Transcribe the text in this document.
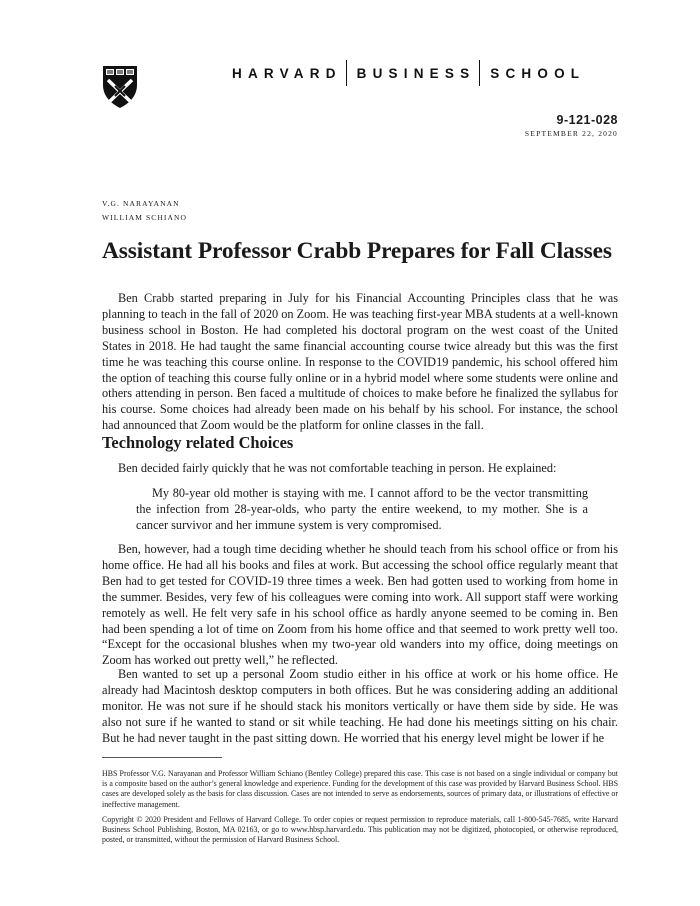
HARVARD BUSINESS SCHOOL
9-121-028
SEPTEMBER 22, 2020
V.G. NARAYANAN
WILLIAM SCHIANO
Assistant Professor Crabb Prepares for Fall Classes

Ben Crabb started preparing in July for his Financial Accounting Principles class that he was planning to teach in the fall of 2020 on Zoom. He was teaching first-year MBA students at a well-known business school in Boston. He had completed his doctoral program on the west coast of the United States in 2018. He had taught the same financial accounting course twice already but this was the first time he was teaching this course online. In response to the COVID19 pandemic, his school offered him the option of teaching this course fully online or in a hybrid model where some students were online and others attending in person. Ben faced a multitude of choices to make before he finalized the syllabus for his course. Some choices had already been made on his behalf by his school. For instance, the school had announced that Zoom would be the platform for online classes in the fall.

Technology related Choices

Ben decided fairly quickly that he was not comfortable teaching in person. He explained:

My 80-year old mother is staying with me. I cannot afford to be the vector transmitting the infection from 28-year-olds, who party the entire weekend, to my mother. She is a cancer survivor and her immune system is very compromised.

Ben, however, had a tough time deciding whether he should teach from his school office or from his home office. He had all his books and files at work. But accessing the school office regularly meant that Ben had to get tested for COVID-19 three times a week. Ben had gotten used to working from home in the summer. Besides, very few of his colleagues were coming into work. All support staff were working remotely as well. He felt very safe in his school office as hardly anyone seemed to be coming in. Ben had been spending a lot of time on Zoom from his home office and that seemed to work pretty well too. “Except for the occasional blushes when my two-year old wanders into my office, doing meetings on Zoom has worked out pretty well,” he reflected.

Ben wanted to set up a personal Zoom studio either in his office at work or his home office. He already had Macintosh desktop computers in both offices. But he was considering adding an additional monitor. He was not sure if he should stack his monitors vertically or have them side by side. He was also not sure if he wanted to stand or sit while teaching. He had done his meetings sitting on his chair. But he had never taught in the past sitting down. He worried that his energy level might be lower if he

HBS Professor V.G. Narayanan and Professor William Schiano (Bentley College) prepared this case. This case is not based on a single individual or company but is a composite based on the author’s general knowledge and experience. Funding for the development of this case was provided by Harvard Business School. HBS cases are developed solely as the basis for class discussion. Cases are not intended to serve as endorsements, sources of primary data, or illustrations of effective or ineffective management.

Copyright © 2020 President and Fellows of Harvard College. To order copies or request permission to reproduce materials, call 1-800-545-7685, write Harvard Business School Publishing, Boston, MA 02163, or go to www.hbsp.harvard.edu. This publication may not be digitized, photocopied, or otherwise reproduced, posted, or transmitted, without the permission of Harvard Business School.
